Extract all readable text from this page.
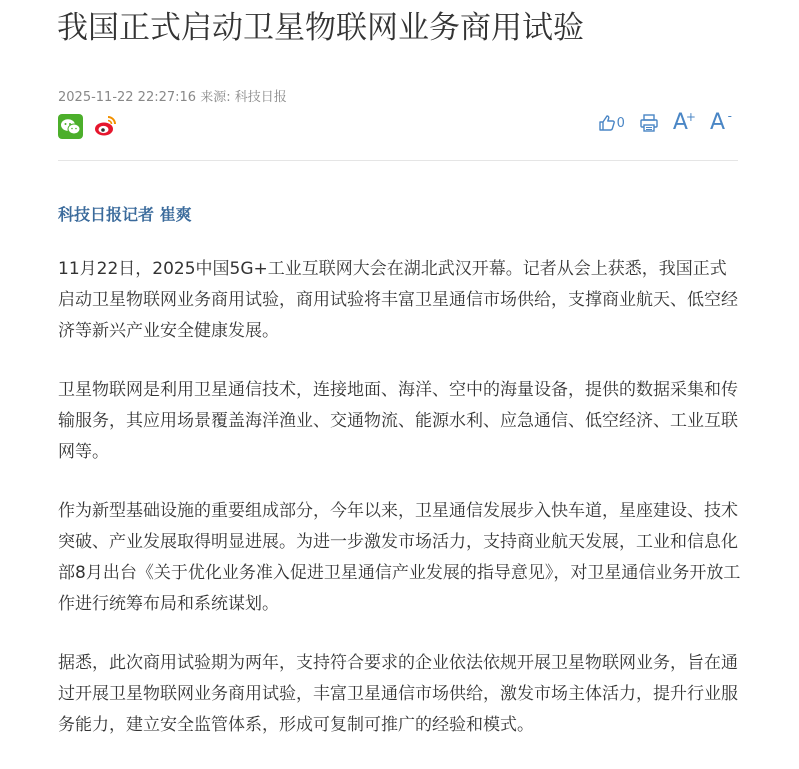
我国正式启动卫星物联网业务商用试验
2025-11-22 22:27:16 来源: 科技日报
0 A
+ A -
科技日报记者 崔爽

11月22日，2025中国5G+工业互联网大会在湖北武汉开幕。记者从会上获悉，我国正式启动卫星物联网业务商用试验，商用试验将丰富卫星通信市场供给，支撑商业航天、低空经济等新兴产业安全健康发展。

卫星物联网是利用卫星通信技术，连接地面、海洋、空中的海量设备，提供的数据采集和传输服务，其应用场景覆盖海洋渔业、交通物流、能源水利、应急通信、低空经济、工业互联网等。

作为新型基础设施的重要组成部分，今年以来，卫星通信发展步入快车道，星座建设、技术突破、产业发展取得明显进展。为进一步激发市场活力，支持商业航天发展，工业和信息化部8月出台《关于优化业务准入促进卫星通信产业发展的指导意见》，对卫星通信业务开放工作进行统筹布局和系统谋划。

据悉，此次商用试验期为两年，支持符合要求的企业依法依规开展卫星物联网业务，旨在通过开展卫星物联网业务商用试验，丰富卫星通信市场供给，激发市场主体活力，提升行业服务能力，建立安全监管体系，形成可复制可推广的经验和模式。
